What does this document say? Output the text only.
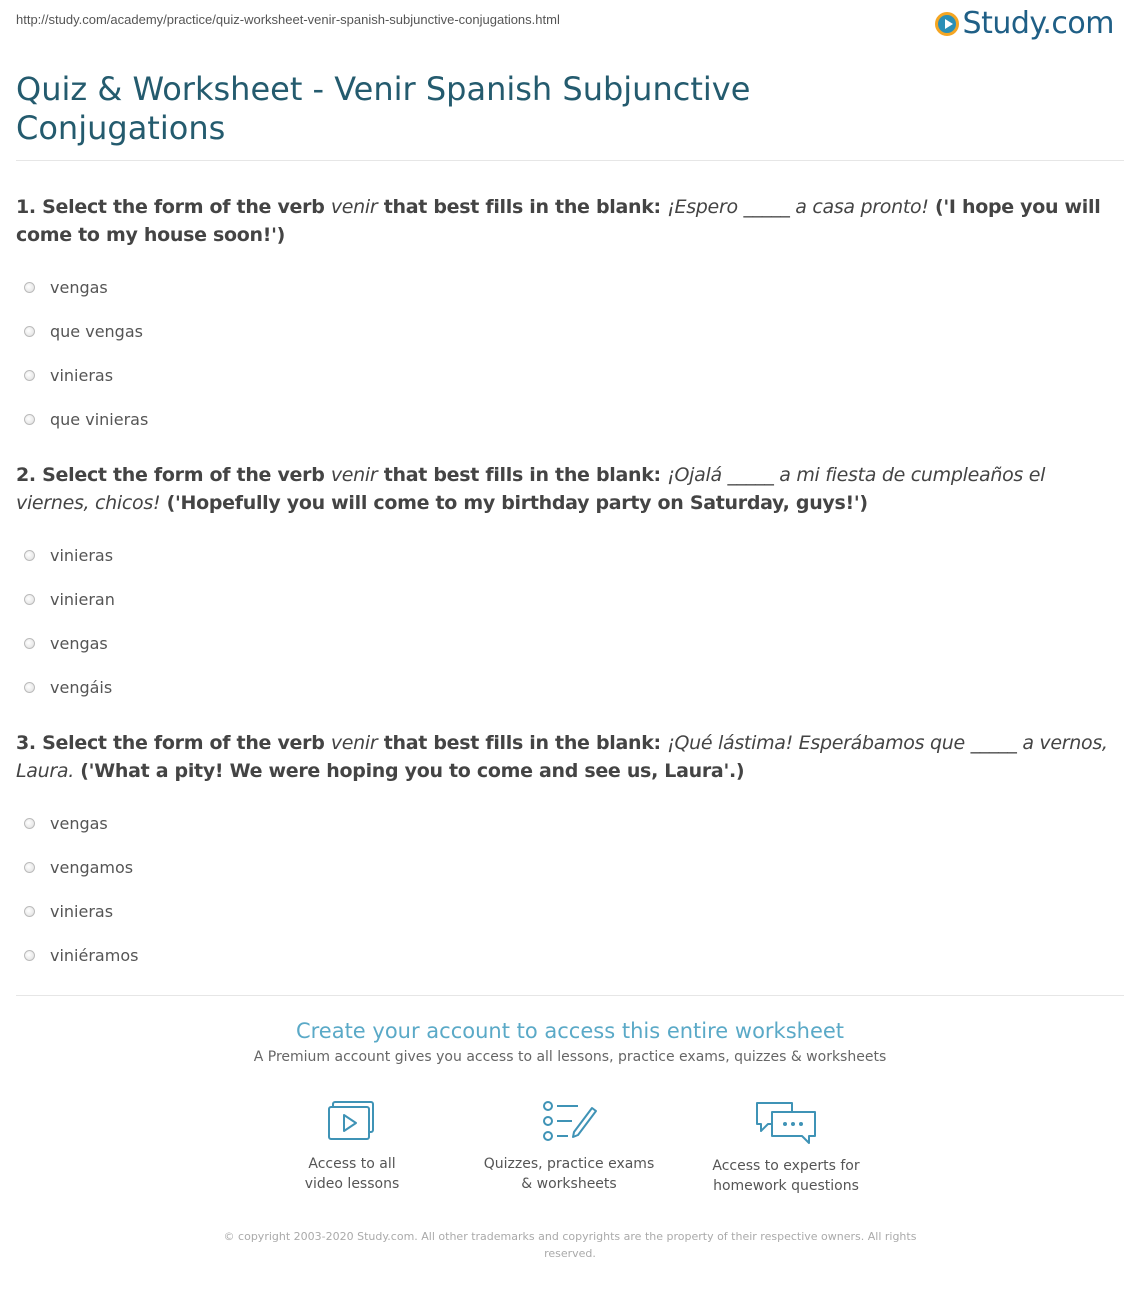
http://study.com/academy/practice/quiz-worksheet-venir-spanish-subjunctive-conjugations.html	Study.com
Quiz & Worksheet - Venir Spanish Subjunctive Conjugations
1. Select the form of the verb venir that best fills in the blank: ¡Espero _____ a casa pronto! ('I hope you will come to my house soon!')
vengas
que vengas
vinieras
que vinieras
2. Select the form of the verb venir that best fills in the blank: ¡Ojalá _____ a mi fiesta de cumpleaños el viernes, chicos! ('Hopefully you will come to my birthday party on Saturday, guys!')
vinieras
vinieran
vengas
vengáis
3. Select the form of the verb venir that best fills in the blank: ¡Qué lástima! Esperábamos que _____ a vernos, Laura. ('What a pity! We were hoping you to come and see us, Laura'.)
vengas
vengamos
vinieras
viniéramos
Create your account to access this entire worksheet
A Premium account gives you access to all lessons, practice exams, quizzes & worksheets
Access to all
video lessons
Quizzes, practice exams
& worksheets
Access to experts for
homework questions
© copyright 2003-2020 Study.com. All other trademarks and copyrights are the property of their respective owners. All rights reserved.
